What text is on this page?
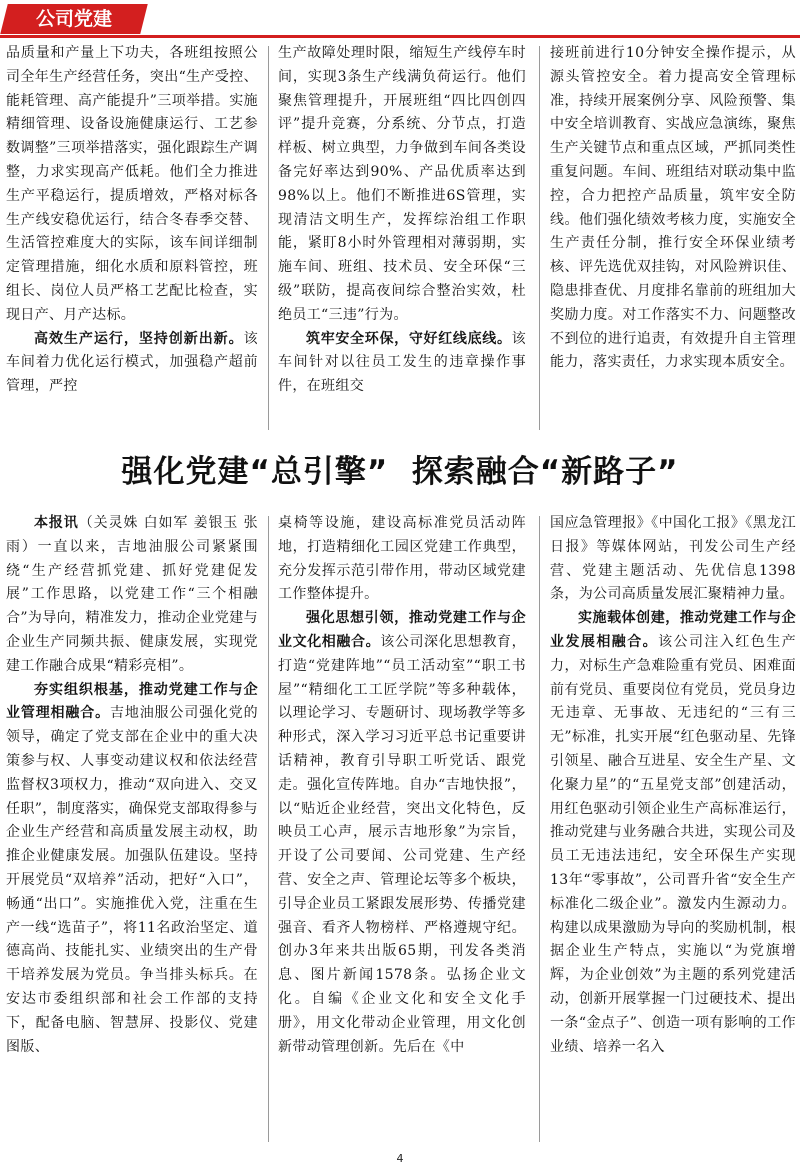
公司党建

品质量和产量上下功夫，各班组按照公司全年生产经营任务，突出“生产受控、能耗管理、高产能提升”三项举措。实施精细管理、设备设施健康运行、工艺参数调整”三项举措落实，强化跟踪生产调整，力求实现高产低耗。他们全力推进生产平稳运行，提质增效，严格对标各生产线安稳优运行，结合冬春季交替、生活管控难度大的实际，该车间详细制定管理措施，细化水质和原料管控，班组长、岗位人员严格工艺配比检查，实现日产、月产达标。

高效生产运行，坚持创新出新。该车间着力优化运行模式，加强稳产超前管理，严控

生产故障处理时限，缩短生产线停车时间，实现3条生产线满负荷运行。他们聚焦管理提升，开展班组“四比四创四评”提升竞赛，分系统、分节点，打造样板、树立典型，力争做到车间各类设备完好率达到90%、产品优质率达到98%以上。他们不断推进6S管理，实现清洁文明生产，发挥综治组工作职能，紧盯8小时外管理相对薄弱期，实施车间、班组、技术员、安全环保“三级”联防，提高夜间综合整治实效，杜绝员工“三违”行为。

筑牢安全环保，守好红线底线。该车间针对以往员工发生的违章操作事件，在班组交

接班前进行10分钟安全操作提示，从源头管控安全。着力提高安全管理标准，持续开展案例分享、风险预警、集中安全培训教育、实战应急演练，聚焦生产关键节点和重点区域，严抓同类性重复问题。车间、班组结对联动集中监控，合力把控产品质量，筑牢安全防线。他们强化绩效考核力度，实施安全生产责任分制，推行安全环保业绩考核、评先选优双挂钩，对风险辨识佳、隐患排查优、月度排名靠前的班组加大奖励力度。对工作落实不力、问题整改不到位的进行追责，有效提升自主管理能力，落实责任，力求实现本质安全。

强化党建“总引擎”  探索融合“新路子”

本报讯（关灵姝 白如军 姜银玉 张雨）一直以来，吉地油服公司紧紧围绕“生产经营抓党建、抓好党建促发展”工作思路，以党建工作“三个相融合”为导向，精准发力，推动企业党建与企业生产同频共振、健康发展，实现党建工作融合成果“精彩亮相”。

夯实组织根基，推动党建工作与企业管理相融合。吉地油服公司强化党的领导，确定了党支部在企业中的重大决策参与权、人事变动建议权和依法经营监督权3项权力，推动“双向进入、交叉任职”，制度落实，确保党支部取得参与企业生产经营和高质量发展主动权，助推企业健康发展。加强队伍建设。坚持开展党员“双培养”活动，把好“入口”，畅通“出口”。实施推优入党，注重在生产一线“选苗子”，将11名政治坚定、道德高尚、技能扎实、业绩突出的生产骨干培养发展为党员。争当排头标兵。在安达市委组织部和社会工作部的支持下，配备电脑、智慧屏、投影仪、党建图版、

桌椅等设施，建设高标准党员活动阵地，打造精细化工园区党建工作典型，充分发挥示范引带作用，带动区域党建工作整体提升。

强化思想引领，推动党建工作与企业文化相融合。该公司深化思想教育，打造“党建阵地”“员工活动室”“职工书屋”“精细化工工匠学院”等多种载体，以理论学习、专题研讨、现场教学等多种形式，深入学习习近平总书记重要讲话精神，教育引导职工听党话、跟党走。强化宣传阵地。自办“吉地快报”，以“贴近企业经营，突出文化特色，反映员工心声，展示吉地形象”为宗旨，开设了公司要闻、公司党建、生产经营、安全之声、管理论坛等多个板块，引导企业员工紧跟发展形势、传播党建强音、看齐人物榜样、严格遵规守纪。创办3年来共出版65期，刊发各类消息、图片新闻1578条。弘扬企业文化。自编《企业文化和安全文化手册》，用文化带动企业管理，用文化创新带动管理创新。先后在《中

国应急管理报》《中国化工报》《黑龙江日报》等媒体网站，刊发公司生产经营、党建主题活动、先优信息1398条，为公司高质量发展汇聚精神力量。

实施载体创建，推动党建工作与企业发展相融合。该公司注入红色生产力，对标生产急难险重有党员、困难面前有党员、重要岗位有党员，党员身边无违章、无事故、无违纪的“三有三无”标准，扎实开展“红色驱动星、先锋引领星、融合互进星、安全生产星、文化聚力星”的“五星党支部”创建活动，用红色驱动引领企业生产高标准运行，推动党建与业务融合共进，实现公司及员工无违法违纪，安全环保生产实现13年“零事故”，公司晋升省“安全生产标准化二级企业”。激发内生源动力。构建以成果激励为导向的奖励机制，根据企业生产特点，实施以“为党旗增辉，为企业创效”为主题的系列党建活动，创新开展掌握一门过硬技术、提出一条“金点子”、创造一项有影响的工作业绩、培养一名入

4
